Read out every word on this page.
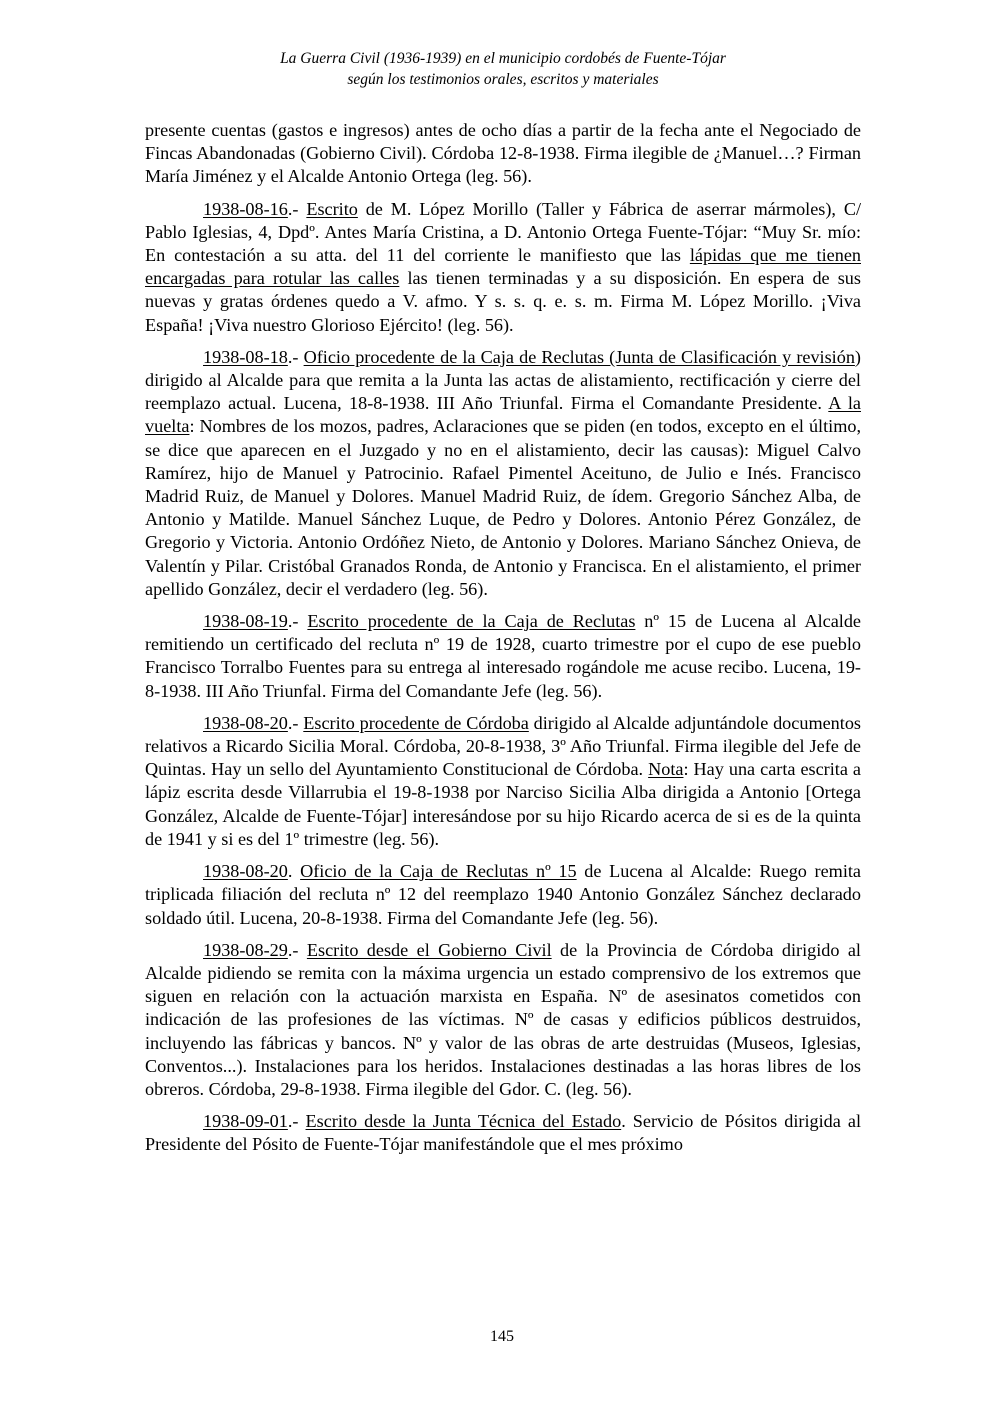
La Guerra Civil (1936-1939) en el municipio cordobés de Fuente-Tójar
según los testimonios orales, escritos y materiales

presente cuentas (gastos e ingresos) antes de ocho días a partir de la fecha ante el Negociado de Fincas Abandonadas (Gobierno Civil). Córdoba 12-8-1938. Firma ilegible de ¿Manuel…? Firman María Jiménez y el Alcalde Antonio Ortega (leg. 56).

1938-08-16.- Escrito de M. López Morillo (Taller y Fábrica de aserrar mármoles), C/ Pablo Iglesias, 4, Dpdº. Antes María Cristina, a D. Antonio Ortega Fuente-Tójar: “Muy Sr. mío: En contestación a su atta. del 11 del corriente le manifiesto que las lápidas que me tienen encargadas para rotular las calles las tienen terminadas y a su disposición. En espera de sus nuevas y gratas órdenes quedo a V. afmo. Y s. s. q. e. s. m. Firma M. López Morillo. ¡Viva España! ¡Viva nuestro Glorioso Ejército! (leg. 56).

1938-08-18.- Oficio procedente de la Caja de Reclutas (Junta de Clasificación y revisión) dirigido al Alcalde para que remita a la Junta las actas de alistamiento, rectificación y cierre del reemplazo actual. Lucena, 18-8-1938. III Año Triunfal. Firma el Comandante Presidente. A la vuelta: Nombres de los mozos, padres, Aclaraciones que se piden (en todos, excepto en el último, se dice que aparecen en el Juzgado y no en el alistamiento, decir las causas): Miguel Calvo Ramírez, hijo de Manuel y Patrocinio. Rafael Pimentel Aceituno, de Julio e Inés. Francisco Madrid Ruiz, de Manuel y Dolores. Manuel Madrid Ruiz, de ídem. Gregorio Sánchez Alba, de Antonio y Matilde. Manuel Sánchez Luque, de Pedro y Dolores. Antonio Pérez González, de Gregorio y Victoria. Antonio Ordóñez Nieto, de Antonio y Dolores. Mariano Sánchez Onieva, de Valentín y Pilar. Cristóbal Granados Ronda, de Antonio y Francisca. En el alistamiento, el primer apellido González, decir el verdadero (leg. 56).

1938-08-19.- Escrito procedente de la Caja de Reclutas nº 15 de Lucena al Alcalde remitiendo un certificado del recluta nº 19 de 1928, cuarto trimestre por el cupo de ese pueblo Francisco Torralbo Fuentes para su entrega al interesado rogándole me acuse recibo. Lucena, 19-8-1938. III Año Triunfal. Firma del Comandante Jefe (leg. 56).

1938-08-20.- Escrito procedente de Córdoba dirigido al Alcalde adjuntándole documentos relativos a Ricardo Sicilia Moral. Córdoba, 20-8-1938, 3º Año Triunfal. Firma ilegible del Jefe de Quintas. Hay un sello del Ayuntamiento Constitucional de Córdoba. Nota: Hay una carta escrita a lápiz escrita desde Villarrubia el 19-8-1938 por Narciso Sicilia Alba dirigida a Antonio [Ortega González, Alcalde de Fuente-Tójar] interesándose por su hijo Ricardo acerca de si es de la quinta de 1941 y si es del 1º trimestre (leg. 56).

1938-08-20. Oficio de la Caja de Reclutas nº 15 de Lucena al Alcalde: Ruego remita triplicada filiación del recluta nº 12 del reemplazo 1940 Antonio González Sánchez declarado soldado útil. Lucena, 20-8-1938. Firma del Comandante Jefe (leg. 56).

1938-08-29.- Escrito desde el Gobierno Civil de la Provincia de Córdoba dirigido al Alcalde pidiendo se remita con la máxima urgencia un estado comprensivo de los extremos que siguen en relación con la actuación marxista en España. Nº de asesinatos cometidos con indicación de las profesiones de las víctimas. Nº de casas y edificios públicos destruidos, incluyendo las fábricas y bancos. Nº y valor de las obras de arte destruidas (Museos, Iglesias, Conventos...). Instalaciones para los heridos. Instalaciones destinadas a las horas libres de los obreros. Córdoba, 29-8-1938. Firma ilegible del Gdor. C. (leg. 56).

1938-09-01.- Escrito desde la Junta Técnica del Estado. Servicio de Pósitos dirigida al Presidente del Pósito de Fuente-Tójar manifestándole que el mes próximo

145
